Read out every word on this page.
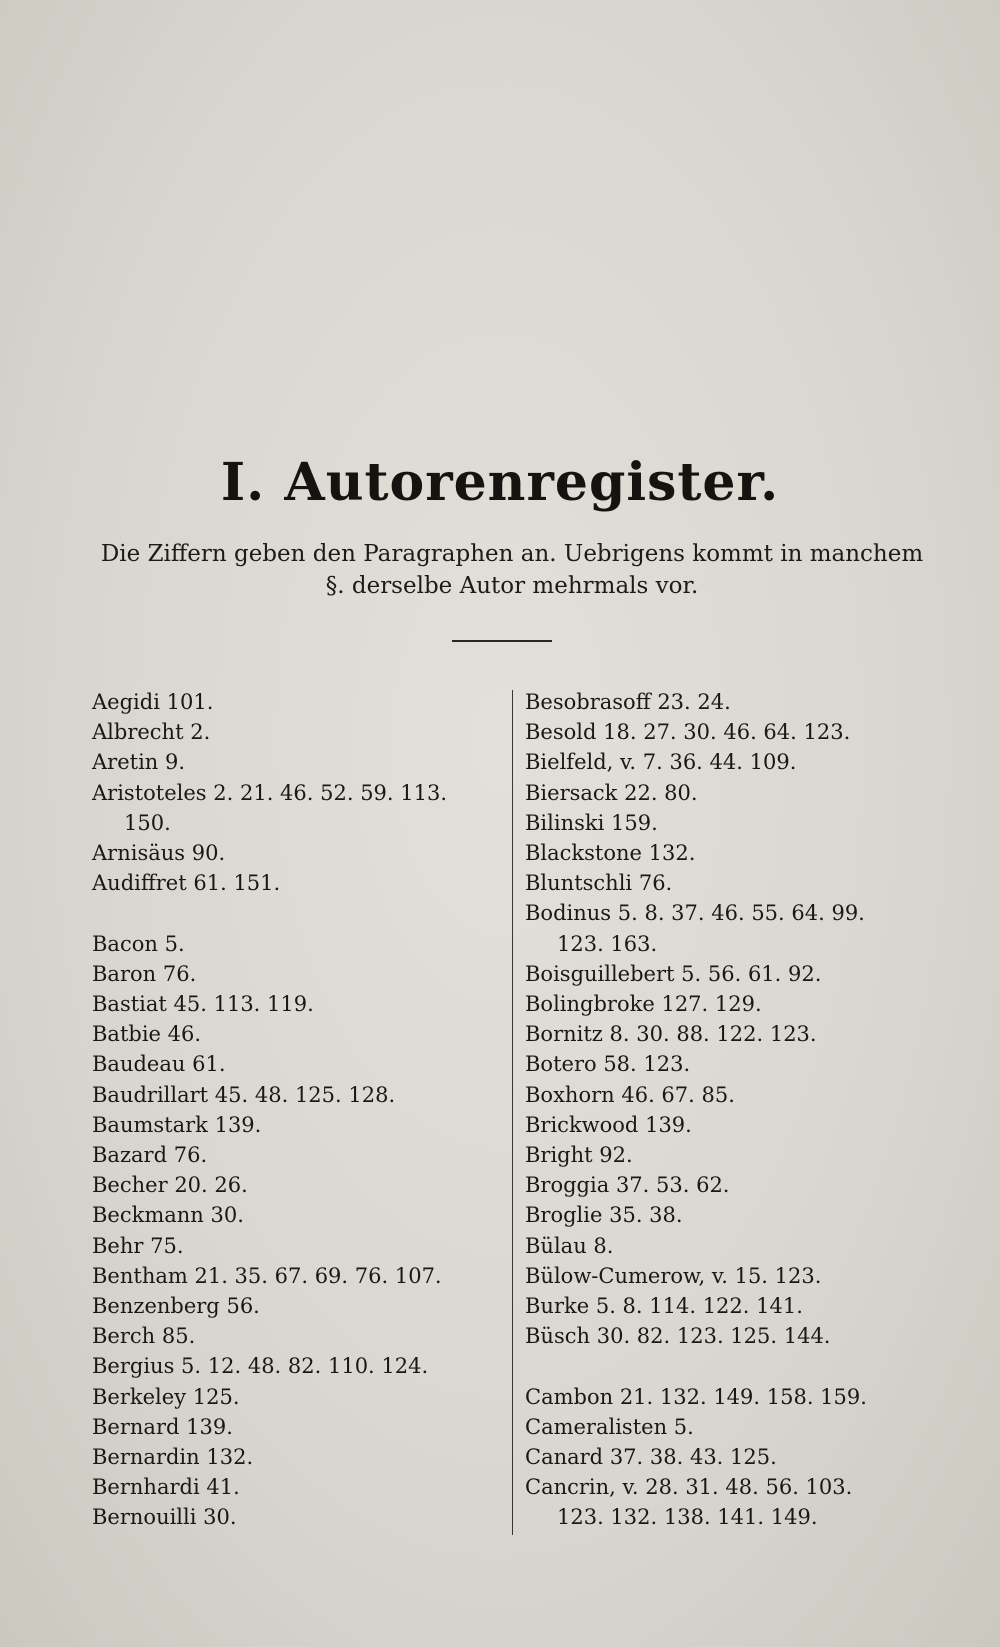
I. Autorenregister.
Die Ziffern geben den Paragraphen an. Uebrigens kommt in manchem §. derselbe Autor mehrmals vor.
Aegidi 101.
Albrecht 2.
Aretin 9.
Aristoteles 2. 21. 46. 52. 59. 113.
150.
Arnisäus 90.
Audiffret 61. 151.
Bacon 5.
Baron 76.
Bastiat 45. 113. 119.
Batbie 46.
Baudeau 61.
Baudrillart 45. 48. 125. 128.
Baumstark 139.
Bazard 76.
Becher 20. 26.
Beckmann 30.
Behr 75.
Bentham 21. 35. 67. 69. 76. 107.
Benzenberg 56.
Berch 85.
Bergius 5. 12. 48. 82. 110. 124.
Berkeley 125.
Bernard 139.
Bernardin 132.
Bernhardi 41.
Bernouilli 30.
Besobrasoff 23. 24.
Besold 18. 27. 30. 46. 64. 123.
Bielfeld, v. 7. 36. 44. 109.
Biersack 22. 80.
Bilinski 159.
Blackstone 132.
Bluntschli 76.
Bodinus 5. 8. 37. 46. 55. 64. 99.
123. 163.
Boisguillebert 5. 56. 61. 92.
Bolingbroke 127. 129.
Bornitz 8. 30. 88. 122. 123.
Botero 58. 123.
Boxhorn 46. 67. 85.
Brickwood 139.
Bright 92.
Broggia 37. 53. 62.
Broglie 35. 38.
Bülau 8.
Bülow-Cumerow, v. 15. 123.
Burke 5. 8. 114. 122. 141.
Büsch 30. 82. 123. 125. 144.
Cambon 21. 132. 149. 158. 159.
Cameralisten 5.
Canard 37. 38. 43. 125.
Cancrin, v. 28. 31. 48. 56. 103.
123. 132. 138. 141. 149.
